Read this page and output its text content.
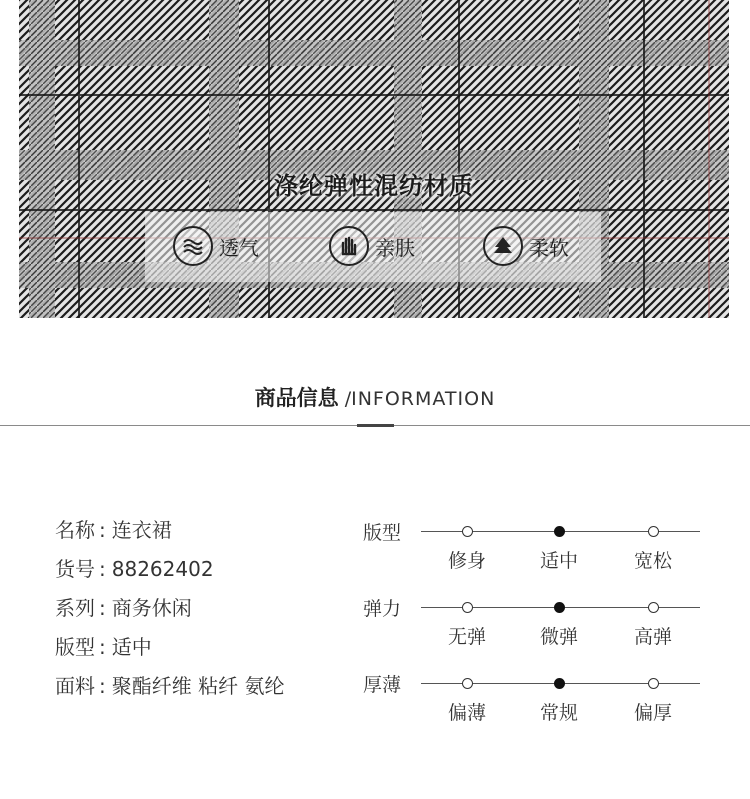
涤纶弹性混纺材质
透气	亲肤	柔软
商品信息 /INFORMATION
名称 : 连衣裙
货号 : 88262402
系列 : 商务休闲
版型 : 适中
面料 : 聚酯纤维 粘纤 氨纶
版型
修身	适中	宽松
弹力
无弹	微弹	高弹
厚薄
偏薄	常规	偏厚
